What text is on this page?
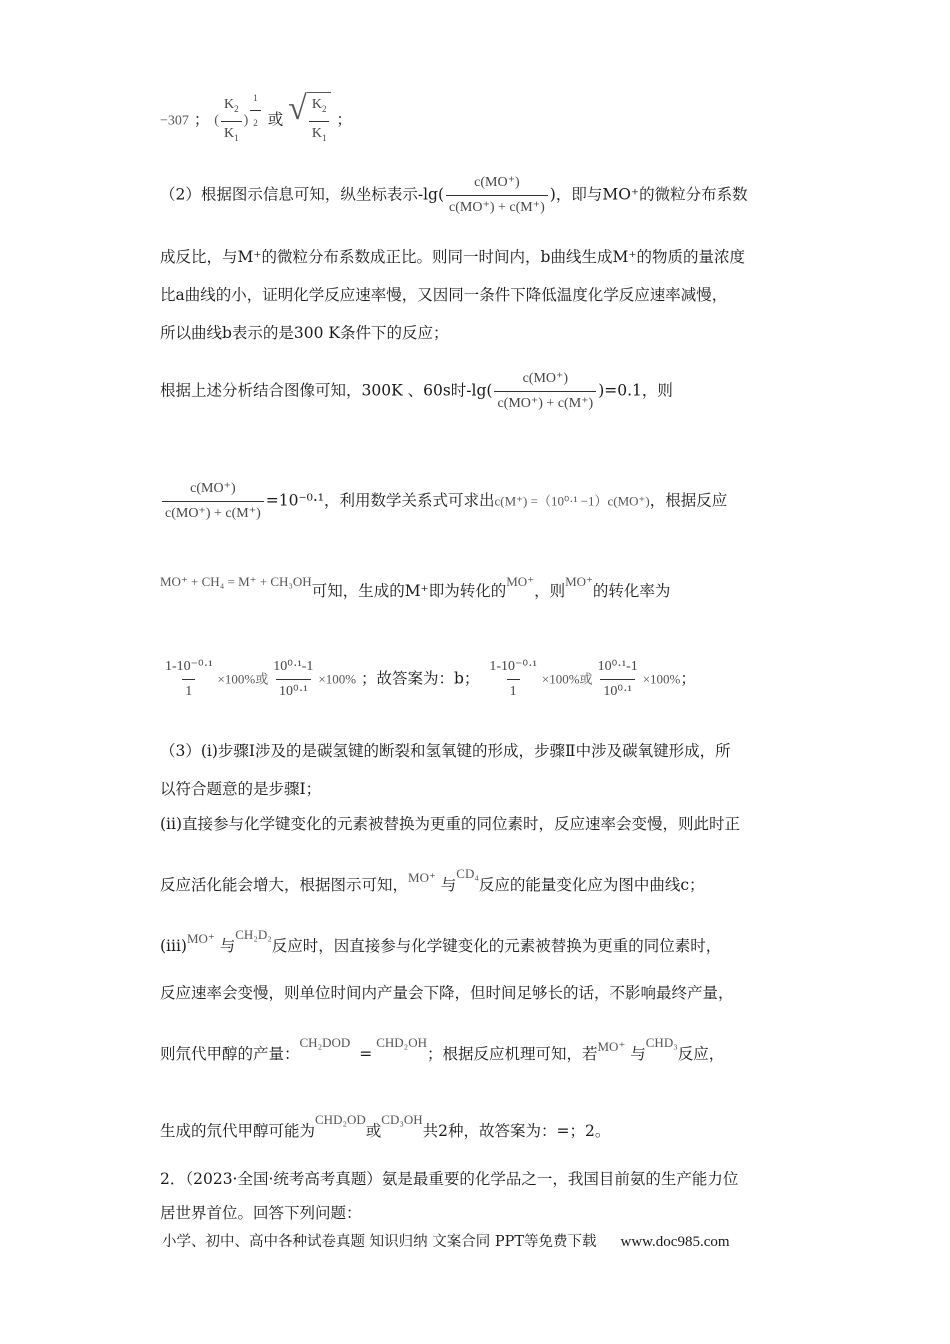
−307 ； (
$K_2$
$K_1$
)
1
2 或 √ $\frac{K_2}{K_1}$ ；
（2）根据图示信息可知，纵坐标表示$-\lg( \frac{c(MO^+)}{c(MO^+) + c(M^+)}$ )，即与MO⁺的微粒分布系数
成反比，与M⁺的微粒分布系数成正比。则同一时间内，b曲线生成M⁺的物质的量浓度
比a曲线的小，证明化学反应速率慢，又因同一条件下降低温度化学反应速率减慢，
所以曲线b表示的是300 K条件下的反应；
根据上述分析结合图像可知，300K 、60s时$-\lg( \frac{c(MO^+)}{c(MO^+) + c(M^+)} )=0.1$，则
$\frac{c(MO^+)}{c(MO^+) + c(M^+)} =10^{-0}\cdot^1$，利用数学关系式可求出c(M⁺) =（10⁰·¹ −1）c(MO⁺)，根据反应
$^{MO^+ + CH_4 = M^+ + CH_3OH}$可知，生成的M⁺即为转化的$^{MO^+}$，则$^{MO^+}$的转化率为
$\frac{\text{1-10⁻⁰·¹}}{1} \times 100\%$或 $\frac{\text{10⁰·¹-1}}{\text{10⁰·¹}} \times 100\%$ ；故答案为：b； $\frac{\text{1-10⁻⁰·¹}}{1} \times 100\%$或 $\frac{\text{10⁰·¹-1}}{\text{10⁰·¹}} \times 100\%$；
（3）(i)步骤Ⅰ涉及的是碳氢键的断裂和氢氧键的形成，步骤Ⅱ中涉及碳氧键形成，所
以符合题意的是步骤Ⅰ；
(ii)直接参与化学键变化的元素被替换为更重的同位素时，反应速率会变慢，则此时正
反应活化能会增大，根据图示可知，$^{MO^+}$ 与$^{CD_4}$反应的能量变化应为图中曲线c；
(iii)$^{MO^+}$ 与$^{CH_2D_2}$反应时，因直接参与化学键变化的元素被替换为更重的同位素时，
反应速率会变慢，则单位时间内产量会下降，但时间足够长的话，不影响最终产量，
则氘代甲醇的产量：$^{CH_2DOD}$ =$^{CHD_2OH}$；根据反应机理可知，若$^{MO^+}$ 与$^{CHD_3}$反应，
生成的氘代甲醇可能为$^{CHD_2OD}$或$^{CD_3OH}$共2种，故答案为：=；2。
2．（2023·全国·统考高考真题）氨是最重要的化学品之一，我国目前氨的生产能力位
居世界首位。回答下列问题：
小学、初中、高中各种试卷真题 知识归纳 文案合同 PPT等免费下载 www.doc985.com
